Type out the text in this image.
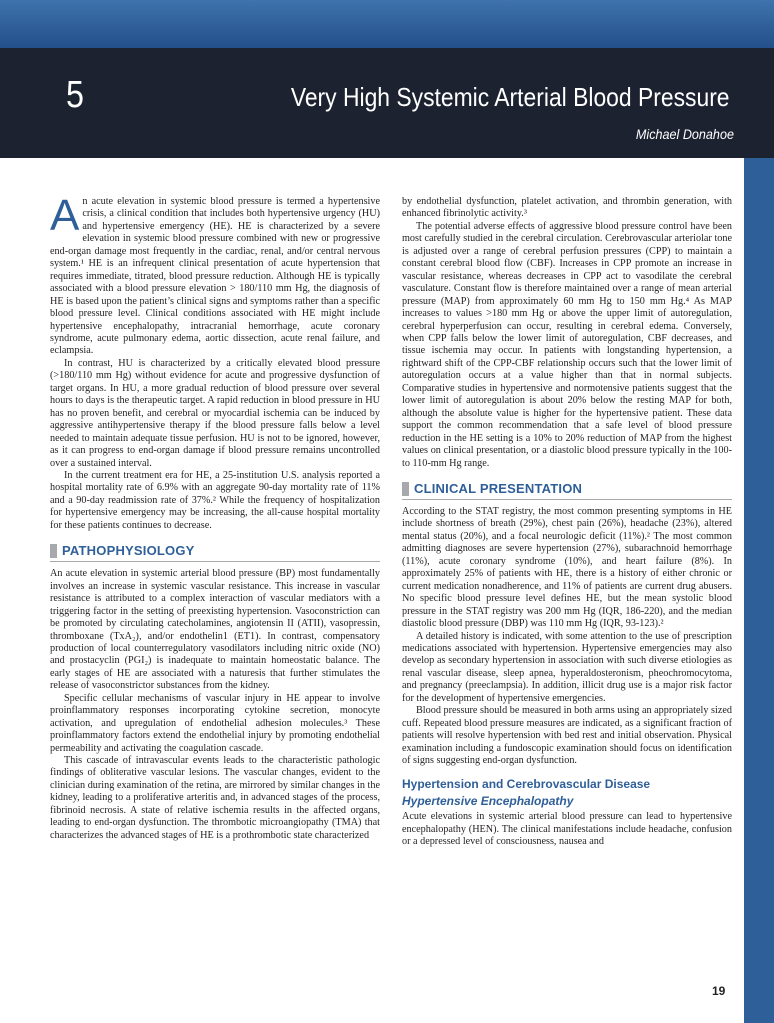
5	Very High Systemic Arterial Blood Pressure
Michael Donahoe

An acute elevation in systemic blood pressure is termed a hypertensive crisis, a clinical condition that includes both hypertensive urgency (HU) and hypertensive emergency (HE). HE is characterized by a severe elevation in systemic blood pressure combined with new or progressive end-organ damage most frequently in the cardiac, renal, and/or central nervous system.¹ HE is an infrequent clinical presentation of acute hypertension that requires immediate, titrated, blood pressure reduction. Although HE is typically associated with a blood pressure elevation > 180/110 mm Hg, the diagnosis of HE is based upon the patient’s clinical signs and symptoms rather than a specific blood pressure level. Clinical conditions associated with HE might include hypertensive encephalopathy, intracranial hemorrhage, acute coronary syndrome, acute pulmonary edema, aortic dissection, acute renal failure, and eclampsia.

In contrast, HU is characterized by a critically elevated blood pressure (>180/110 mm Hg) without evidence for acute and progressive dysfunction of target organs. In HU, a more gradual reduction of blood pressure over several hours to days is the therapeutic target. A rapid reduction in blood pressure in HU has no proven benefit, and cerebral or myocardial ischemia can be induced by aggressive antihypertensive therapy if the blood pressure falls below a level needed to maintain adequate tissue perfusion. HU is not to be ignored, however, as it can progress to end-organ damage if blood pressure remains uncontrolled over a sustained interval.

In the current treatment era for HE, a 25-institution U.S. analysis reported a hospital mortality rate of 6.9% with an aggregate 90-day mortality rate of 11% and a 90-day readmission rate of 37%.² While the frequency of hospitalization for hypertensive emergency may be increasing, the all-cause hospital mortality for these patients continues to decrease.

PATHOPHYSIOLOGY

An acute elevation in systemic arterial blood pressure (BP) most fundamentally involves an increase in systemic vascular resistance. This increase in vascular resistance is attributed to a complex interaction of vascular mediators with a triggering factor in the setting of preexisting hypertension. Vasoconstriction can be promoted by circulating catecholamines, angiotensin II (ATII), vasopressin, thromboxane (TxA₂), and/or endothelin1 (ET1). In contrast, compensatory production of local counterregulatory vasodilators including nitric oxide (NO) and prostacyclin (PGI₂) is inadequate to maintain homeostatic balance. The early stages of HE are associated with a naturesis that further stimulates the release of vasoconstrictor substances from the kidney.

Specific cellular mechanisms of vascular injury in HE appear to involve proinflammatory responses incorporating cytokine secretion, monocyte activation, and upregulation of endothelial adhesion molecules.³ These proinflammatory factors extend the endothelial injury by promoting endothelial permeability and activating the coagulation cascade.

This cascade of intravascular events leads to the characteristic pathologic findings of obliterative vascular lesions. The vascular changes, evident to the clinician during examination of the retina, are mirrored by similar changes in the kidney, leading to a proliferative arteritis and, in advanced stages of the process, fibrinoid necrosis. A state of relative ischemia results in the affected organs, leading to end-organ dysfunction. The thrombotic microangiopathy (TMA) that characterizes the advanced stages of HE is a prothrombotic state characterized

by endothelial dysfunction, platelet activation, and thrombin generation, with enhanced fibrinolytic activity.³

The potential adverse effects of aggressive blood pressure control have been most carefully studied in the cerebral circulation. Cerebrovascular arteriolar tone is adjusted over a range of cerebral perfusion pressures (CPP) to maintain a constant cerebral blood flow (CBF). Increases in CPP promote an increase in vascular resistance, whereas decreases in CPP act to vasodilate the cerebral vasculature. Constant flow is therefore maintained over a range of mean arterial pressure (MAP) from approximately 60 mm Hg to 150 mm Hg.⁴ As MAP increases to values >180 mm Hg or above the upper limit of autoregulation, cerebral hyperperfusion can occur, resulting in cerebral edema. Conversely, when CPP falls below the lower limit of autoregulation, CBF decreases, and tissue ischemia may occur. In patients with longstanding hypertension, a rightward shift of the CPP-CBF relationship occurs such that the lower limit of autoregulation occurs at a value higher than that in normal subjects. Comparative studies in hypertensive and normotensive patients suggest that the lower limit of autoregulation is about 20% below the resting MAP for both, although the absolute value is higher for the hypertensive patient. These data support the common recommendation that a safe level of blood pressure reduction in the HE setting is a 10% to 20% reduction of MAP from the highest values on clinical presentation, or a diastolic blood pressure typically in the 100- to 110-mm Hg range.

CLINICAL PRESENTATION

According to the STAT registry, the most common presenting symptoms in HE include shortness of breath (29%), chest pain (26%), headache (23%), altered mental status (20%), and a focal neurologic deficit (11%).² The most common admitting diagnoses are severe hypertension (27%), subarachnoid hemorrhage (11%), acute coronary syndrome (10%), and heart failure (8%). In approximately 25% of patients with HE, there is a history of either chronic or current medication nonadherence, and 11% of patients are current drug abusers. No specific blood pressure level defines HE, but the mean systolic blood pressure in the STAT registry was 200 mm Hg (IQR, 186-220), and the median diastolic blood pressure (DBP) was 110 mm Hg (IQR, 93-123).²

A detailed history is indicated, with some attention to the use of prescription medications associated with hypertension. Hypertensive emergencies may also develop as secondary hypertension in association with such diverse etiologies as renal vascular disease, sleep apnea, hyperaldosteronism, pheochromocytoma, and pregnancy (preeclampsia). In addition, illicit drug use is a major risk factor for the development of hypertensive emergencies.

Blood pressure should be measured in both arms using an appropriately sized cuff. Repeated blood pressure measures are indicated, as a significant fraction of patients will resolve hypertension with bed rest and initial observation. Physical examination including a fundoscopic examination should focus on identification of signs suggesting end-organ dysfunction.

Hypertension and Cerebrovascular Disease
Hypertensive Encephalopathy

Acute elevations in systemic arterial blood pressure can lead to hypertensive encephalopathy (HEN). The clinical manifestations include headache, confusion or a depressed level of consciousness, nausea and

19
